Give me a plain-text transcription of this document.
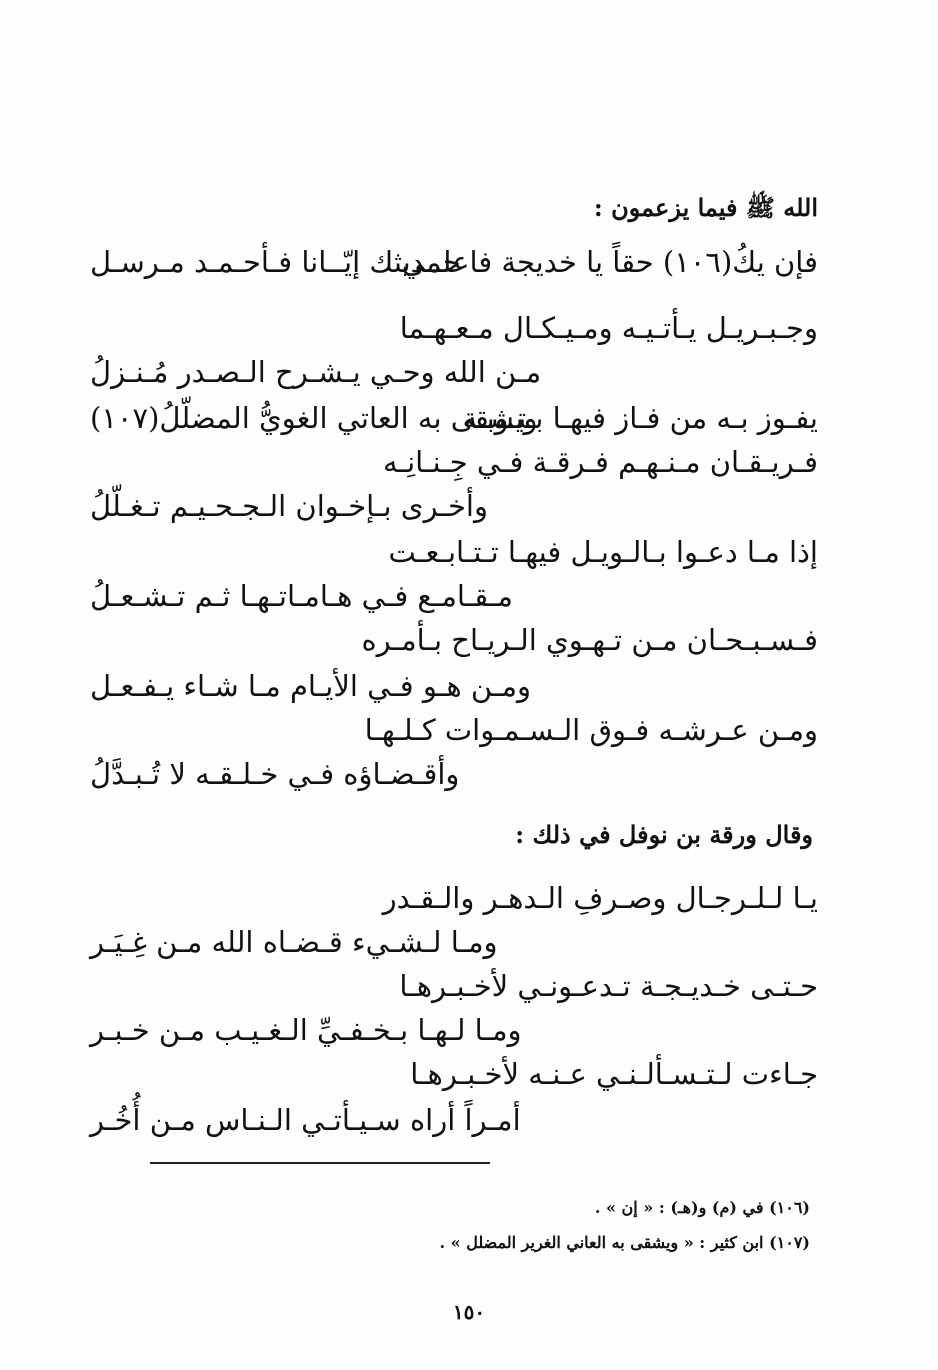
الله ﷺ فيما يزعمون :
فإن يكُ(١٠٦) حقاً يا خديجة فاعلمي
حــديثك إيّــانا فـأحـمـد مـرسـل
وجـبـريـل يـأتـيـه ومـيـكـال مـعـهـما
مـن الله وحـي يـشـرح الـصـدر مُـنـزلُ
يفـوز بـه من فـاز فيهـا بـتـوبـة
ويشقى به العاتي الغويُّ المضلّلُ(١٠٧)
فـريـقـان مـنـهـم فـرقـة فـي جِـنـانِـه
وأخـرى بـإخـوان الـجـحـيـم تـغـلّلُ
إذا مـا دعـوا بـالـويـل فيهـا تـتـابـعـت
مـقـامـع فـي هـامـاتـهـا ثـم تـشـعـلُ
فـسـبـحـان مـن تـهـوي الـريـاح بـأمـره
ومـن هـو فـي الأيـام مـا شـاء يـفـعـل
ومـن عـرشـه فـوق الـسـمـوات كـلـهـا
وأقـضـاؤه فـي خـلـقـه لا تُـبـدَّلُ
وقال ورقة بن نوفل في ذلك :
يـا لـلـرجـال وصـرفِ الـدهـر والـقـدر
ومـا لـشـيء قـضـاه الله مـن غِـيَـر
حـتـى خـديـجـة تـدعـونـي لأخـبـرهـا
ومـا لـهـا بـخـفـيِّ الـغـيـب مـن خـبـر
جـاءت لـتـسـألـنـي عـنـه لأخـبـرهـا
أمـراً أراه سـيـأتـي الـنـاس مـن أُخُـر
(١٠٦) في (م) و(هـ) : « إن » .
(١٠٧) ابن كثير : « ويشقى به العاني الغرير المضلل » .
١٥٠
